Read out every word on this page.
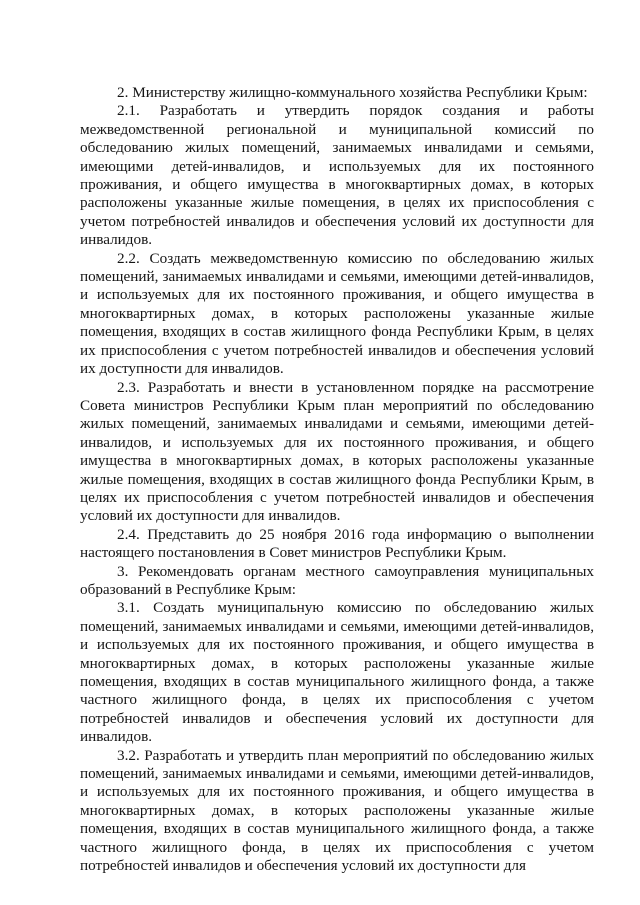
2. Министерству жилищно-коммунального хозяйства Республики Крым:

2.1. Разработать и утвердить порядок создания и работы межведомственной региональной и муниципальной комиссий по обследованию жилых помещений, занимаемых инвалидами и семьями, имеющими детей-инвалидов, и используемых для их постоянного проживания, и общего имущества в многоквартирных домах, в которых расположены указанные жилые помещения, в целях их приспособления с учетом потребностей инвалидов и обеспечения условий их доступности для инвалидов.

2.2. Создать межведомственную комиссию по обследованию жилых помещений, занимаемых инвалидами и семьями, имеющими детей-инвалидов, и используемых для их постоянного проживания, и общего имущества в многоквартирных домах, в которых расположены указанные жилые помещения, входящих в состав жилищного фонда Республики Крым, в целях их приспособления с учетом потребностей инвалидов и обеспечения условий их доступности для инвалидов.

2.3. Разработать и внести в установленном порядке на рассмотрение Совета министров Республики Крым план мероприятий по обследованию жилых помещений, занимаемых инвалидами и семьями, имеющими детей-инвалидов, и используемых для их постоянного проживания, и общего имущества в многоквартирных домах, в которых расположены указанные жилые помещения, входящих в состав жилищного фонда Республики Крым, в целях их приспособления с учетом потребностей инвалидов и обеспечения условий их доступности для инвалидов.

2.4. Представить до 25 ноября 2016 года информацию о выполнении настоящего постановления в Совет министров Республики Крым.

3. Рекомендовать органам местного самоуправления муниципальных образований в Республике Крым:

3.1. Создать муниципальную комиссию по обследованию жилых помещений, занимаемых инвалидами и семьями, имеющими детей-инвалидов, и используемых для их постоянного проживания, и общего имущества в многоквартирных домах, в которых расположены указанные жилые помещения, входящих в состав муниципального жилищного фонда, а также частного жилищного фонда, в целях их приспособления с учетом потребностей инвалидов и обеспечения условий их доступности для инвалидов.

3.2. Разработать и утвердить план мероприятий по обследованию жилых помещений, занимаемых инвалидами и семьями, имеющими детей-инвалидов, и используемых для их постоянного проживания, и общего имущества в многоквартирных домах, в которых расположены указанные жилые помещения, входящих в состав муниципального жилищного фонда, а также частного жилищного фонда, в целях их приспособления с учетом потребностей инвалидов и обеспечения условий их доступности для
